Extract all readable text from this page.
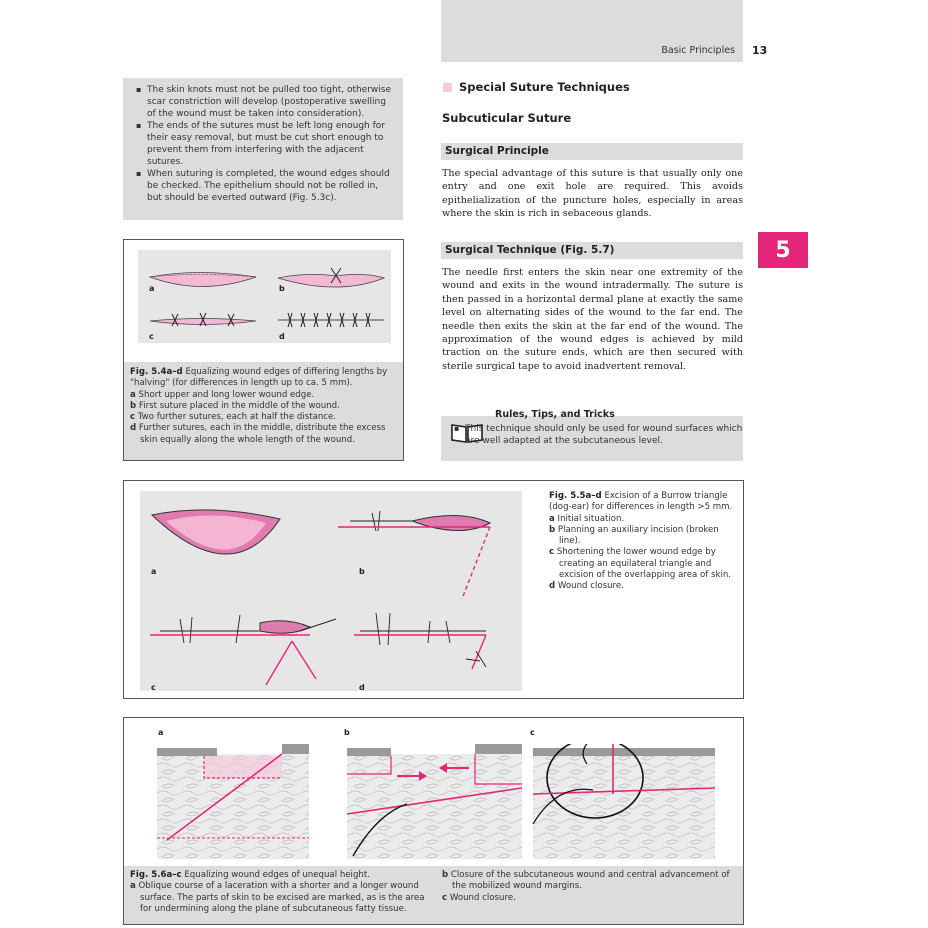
Basic Principles 13
5
▪ The skin knots must not be pulled too tight, otherwise scar constriction will develop (postoperative swelling of the wound must be taken into consideration).
▪ The ends of the sutures must be left long enough for their easy removal, but must be cut short enough to prevent them from interfering with the adjacent sutures.
▪ When suturing is completed, the wound edges should be checked. The epithelium should not be rolled in, but should be everted outward (Fig. 5.3c).
Special Suture Techniques
Subcuticular Suture
Surgical Principle
The special advantage of this suture is that usually only one entry and one exit hole are required. This avoids epithelialization of the puncture holes, especially in areas where the skin is rich in sebaceous glands.
Surgical Technique (Fig. 5.7)
The needle first enters the skin near one extremity of the wound and exits in the wound intradermally. The suture is then passed in a horizontal dermal plane at exactly the same level on alternating sides of the wound to the far end. The needle then exits the skin at the far end of the wound. The approximation of the wound edges is achieved by mild traction on the suture ends, which are then secured with sterile surgical tape to avoid inadvertent removal.
Rules, Tips, and Tricks
▪ This technique should only be used for wound surfaces which are well adapted at the subcutaneous level.
a	b
c	d
Fig. 5.4a–d Equalizing wound edges of differing lengths by "halving" (for differences in length up to ca. 5 mm).
a Short upper and long lower wound edge.
b First suture placed in the middle of the wound.
c Two further sutures, each at half the distance.
d Further sutures, each in the middle, distribute the excess skin equally along the whole length of the wound.
a	b
c	d
Fig. 5.5a–d Excision of a Burrow triangle (dog-ear) for differences in length >5 mm.
a Initial situation.
b Planning an auxiliary incision (broken line).
c Shortening the lower wound edge by creating an equilateral triangle and excision of the overlapping area of skin.
d Wound closure.
a	b	c
Fig. 5.6a–c Equalizing wound edges of unequal height.
a Oblique course of a laceration with a shorter and a longer wound surface. The parts of skin to be excised are marked, as is the area for undermining along the plane of subcutaneous fatty tissue.
b Closure of the subcutaneous wound and central advancement of the mobilized wound margins.
c Wound closure.
